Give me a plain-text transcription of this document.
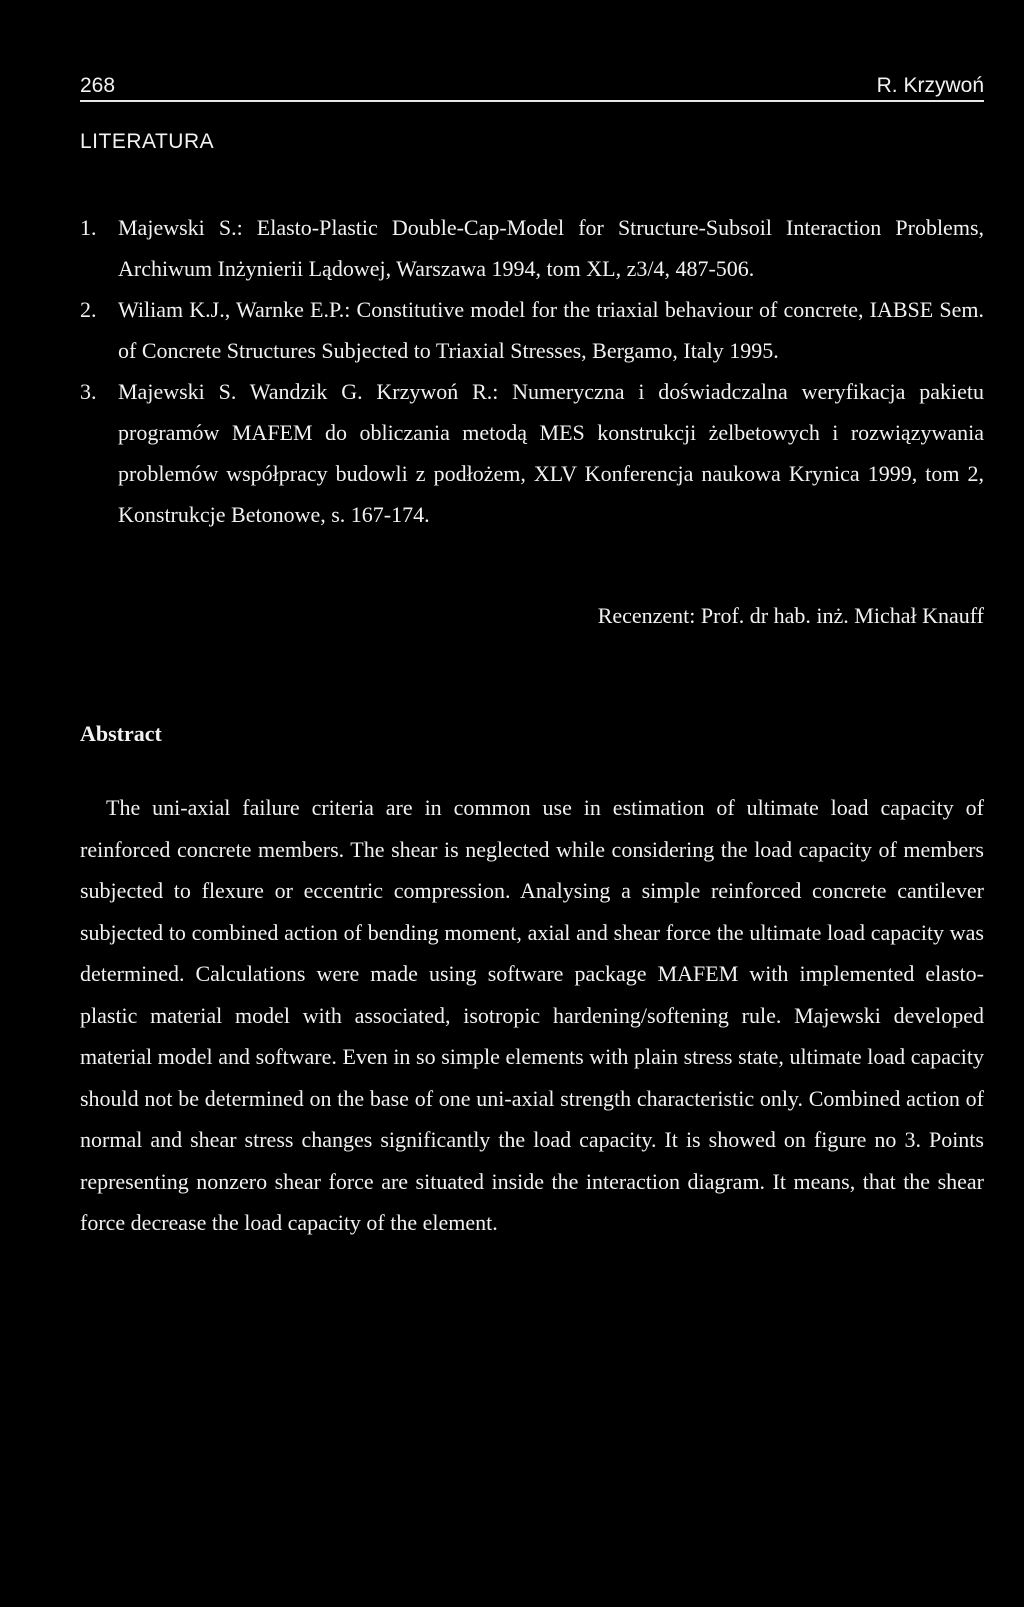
268	R. Krzywoń
LITERATURA
1. Majewski S.: Elasto-Plastic Double-Cap-Model for Structure-Subsoil Interaction Problems, Archiwum Inżynierii Lądowej, Warszawa 1994, tom XL, z3/4, 487-506.
2. Wiliam K.J., Warnke E.P.: Constitutive model for the triaxial behaviour of concrete, IABSE Sem. of Concrete Structures Subjected to Triaxial Stresses, Bergamo, Italy 1995.
3. Majewski S. Wandzik G. Krzywoń R.: Numeryczna i doświadczalna weryfikacja pakietu programów MAFEM do obliczania metodą MES konstrukcji żelbetowych i rozwiązywania problemów współpracy budowli z podłożem, XLV Konferencja naukowa Krynica 1999, tom 2, Konstrukcje Betonowe, s. 167-174.
Recenzent: Prof. dr hab. inż. Michał Knauff
Abstract

The uni-axial failure criteria are in common use in estimation of ultimate load capacity of reinforced concrete members. The shear is neglected while considering the load capacity of members subjected to flexure or eccentric compression. Analysing a simple reinforced concrete cantilever subjected to combined action of bending moment, axial and shear force the ultimate load capacity was determined. Calculations were made using software package MAFEM with implemented elasto-plastic material model with associated, isotropic hardening/softening rule. Majewski developed material model and software. Even in so simple elements with plain stress state, ultimate load capacity should not be determined on the base of one uni-axial strength characteristic only. Combined action of normal and shear stress changes significantly the load capacity. It is showed on figure no 3. Points representing nonzero shear force are situated inside the interaction diagram. It means, that the shear force decrease the load capacity of the element.
